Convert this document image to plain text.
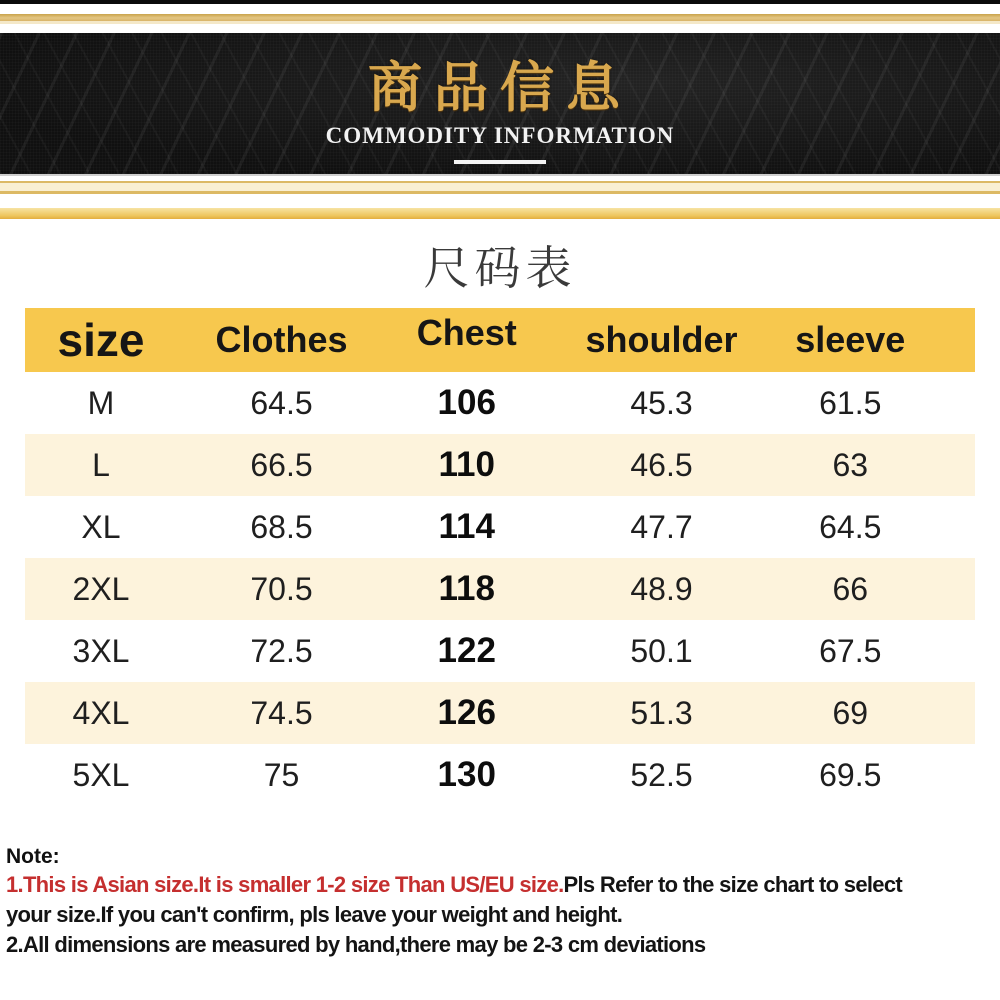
商品信息
COMMODITY INFORMATION
尺码表
size	Clothes	Chest	shoulder	sleeve
M	64.5	106	45.3	61.5
L	66.5	110	46.5	63
XL	68.5	114	47.7	64.5
2XL	70.5	118	48.9	66
3XL	72.5	122	50.1	67.5
4XL	74.5	126	51.3	69
5XL	75	130	52.5	69.5
Note:
1.This is Asian size.It is smaller 1-2 size Than US/EU size.Pls Refer to the size chart to select
your size.If you can't confirm, pls leave your weight and height.
2.All dimensions are measured by hand,there may be 2-3 cm deviations
